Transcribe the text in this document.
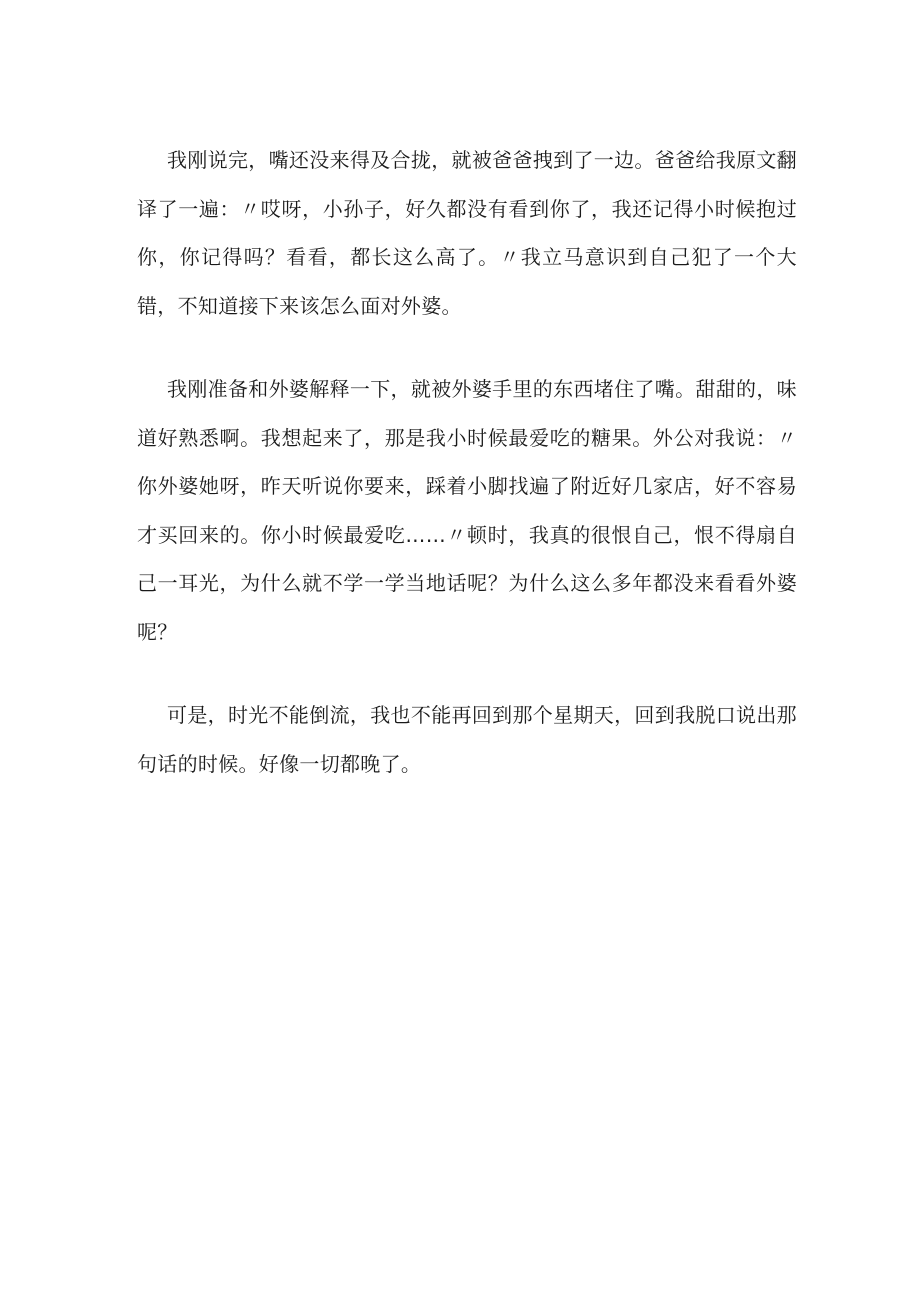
我刚说完，嘴还没来得及合拢，就被爸爸拽到了一边。爸爸给我原文翻译了一遍：〃哎呀，小孙子，好久都没有看到你了，我还记得小时候抱过你，你记得吗？看看，都长这么高了。〃我立马意识到自己犯了一个大错，不知道接下来该怎么面对外婆。

我刚准备和外婆解释一下，就被外婆手里的东西堵住了嘴。甜甜的，味道好熟悉啊。我想起来了，那是我小时候最爱吃的糖果。外公对我说：〃你外婆她呀，昨天听说你要来，踩着小脚找遍了附近好几家店，好不容易才买回来的。你小时候最爱吃……〃顿时，我真的很恨自己，恨不得扇自己一耳光，为什么就不学一学当地话呢？为什么这么多年都没来看看外婆呢？

可是，时光不能倒流，我也不能再回到那个星期天，回到我脱口说出那句话的时候。好像一切都晚了。
